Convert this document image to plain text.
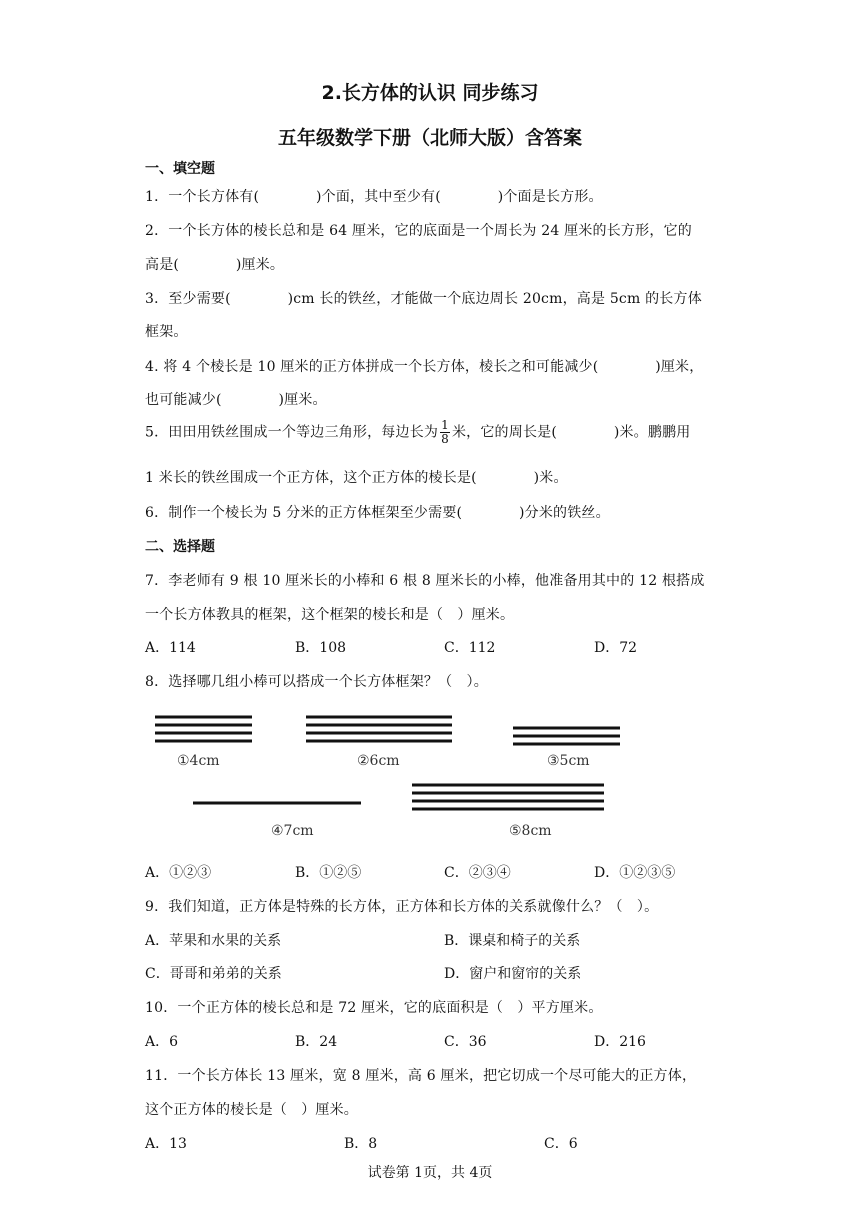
2.长方体的认识 同步练习
五年级数学下册（北师大版）含答案
一、填空题
1．一个长方体有(　　　　)个面，其中至少有(　　　　)个面是长方形。
2．一个长方体的棱长总和是 64 厘米，它的底面是一个周长为 24 厘米的长方形，它的
高是(　　　　)厘米。
3．至少需要(　　　　)cm 长的铁丝，才能做一个底边周长 20cm，高是 5cm 的长方体
框架。
4. 将 4 个棱长是 10 厘米的正方体拼成一个长方体，棱长之和可能减少(　　　　)厘米，
也可能减少(　　　　)厘米。
5．田田用铁丝围成一个等边三角形，每边长为 $\frac{1}{8}$ 米，它的周长是(　　　　)米。鹏鹏用
1 米长的铁丝围成一个正方体，这个正方体的棱长是(　　　　)米。
6．制作一个棱长为 5 分米的正方体框架至少需要(　　　　)分米的铁丝。
二、选择题
7．李老师有 9 根 10 厘米长的小棒和 6 根 8 厘米长的小棒，他准备用其中的 12 根搭成
一个长方体教具的框架，这个框架的棱长和是（　）厘米。
A．114	B．108	C．112	D．72
8．选择哪几组小棒可以搭成一个长方体框架？（　）。
①4cm	②6cm	③5cm
④7cm	⑤8cm
A．①②③	B．①②⑤	C．②③④	D．①②③⑤
9．我们知道，正方体是特殊的长方体，正方体和长方体的关系就像什么？（　）。
A．苹果和水果的关系	B．课桌和椅子的关系
C．哥哥和弟弟的关系	D．窗户和窗帘的关系
10．一个正方体的棱长总和是 72 厘米，它的底面积是（　）平方厘米。
A．6	B．24	C．36	D．216
11．一个长方体长 13 厘米，宽 8 厘米，高 6 厘米，把它切成一个尽可能大的正方体，
这个正方体的棱长是（　）厘米。
A．13	B．8	C．6
试卷第 1页，共 4页
